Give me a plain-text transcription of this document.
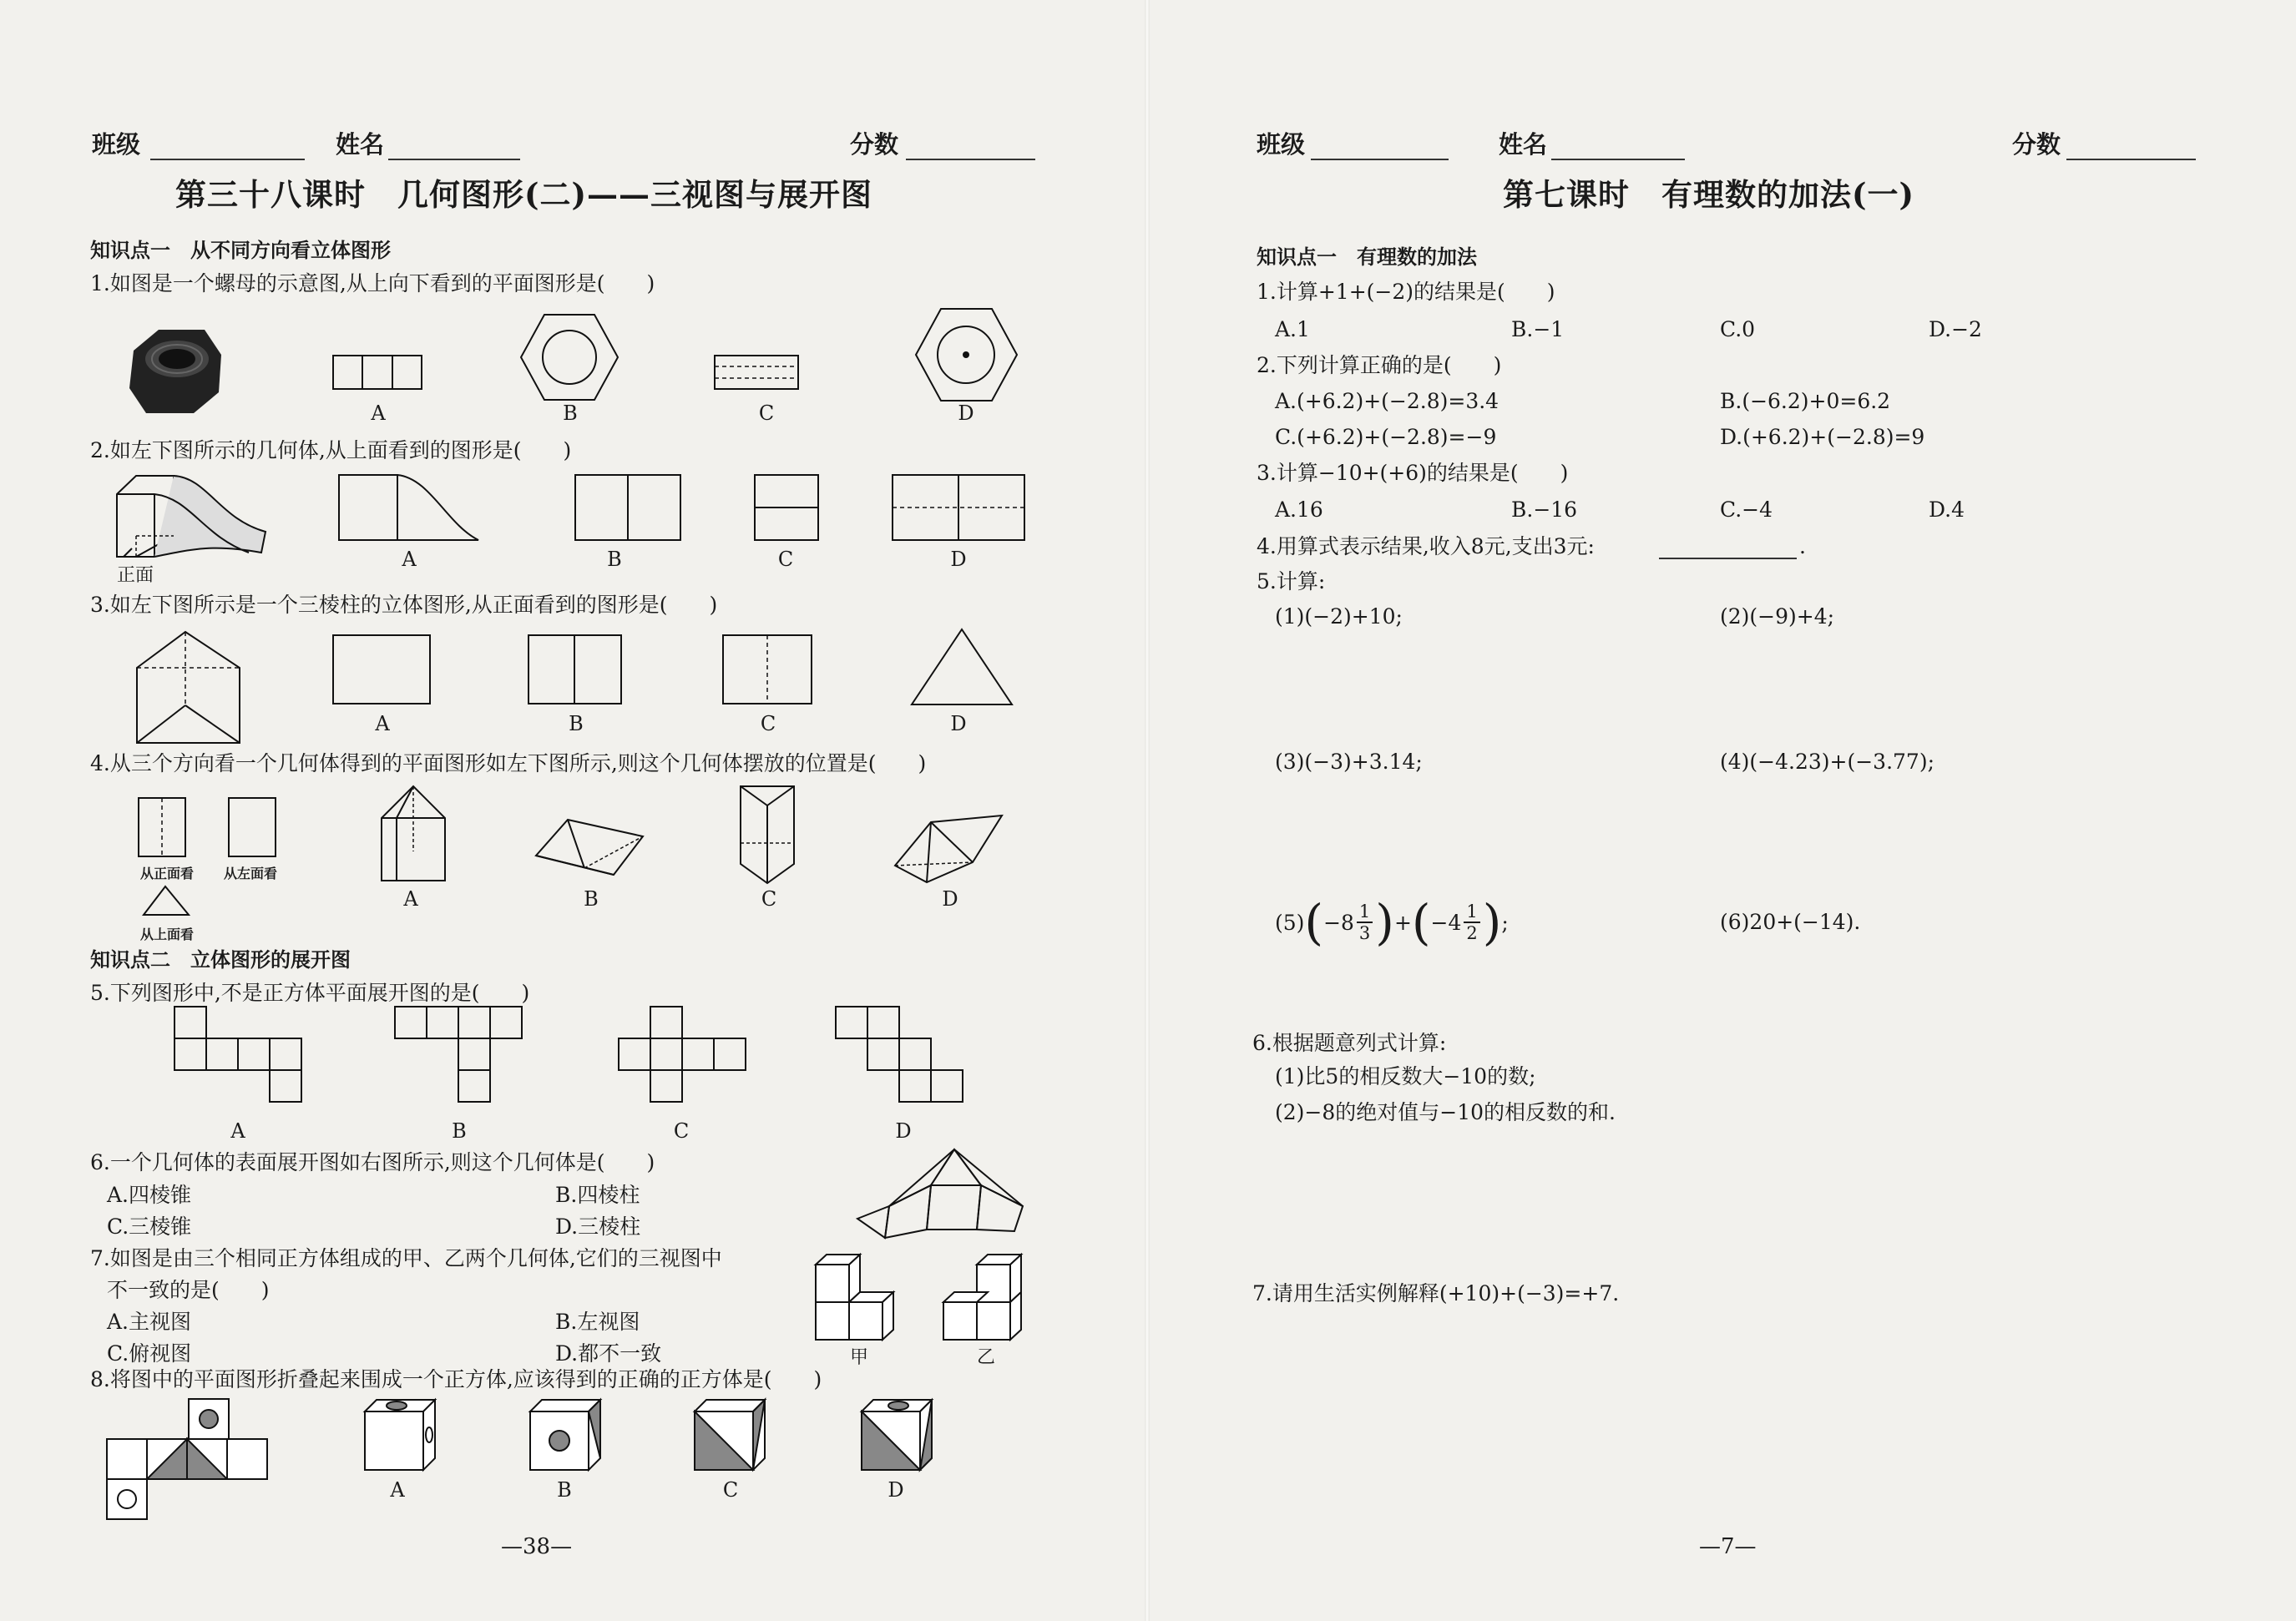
班级	姓名	分数
第三十八课时　几何图形(二)——三视图与展开图
知识点一　从不同方向看立体图形
1.如图是一个螺母的示意图,从上向下看到的平面图形是(　　)
A	B	C	D
2.如左下图所示的几何体,从上面看到的图形是(　　)
正面
A	B	C	D
3.如左下图所示是一个三棱柱的立体图形,从正面看到的图形是(　　)
A	B	C	D
4.从三个方向看一个几何体得到的平面图形如左下图所示,则这个几何体摆放的位置是(　　)
从正面看 从左面看
从上面看
A	B	C	D
知识点二　立体图形的展开图
5.下列图形中,不是正方体平面展开图的是(　　)
A	B	C	D
6.一个几何体的表面展开图如右图所示,则这个几何体是(　　)
A.四棱锥	B.四棱柱
C.三棱锥	D.三棱柱
7.如图是由三个相同正方体组成的甲、乙两个几何体,它们的三视图中
不一致的是(　　)
A.主视图	B.左视图
C.俯视图	D.都不一致	甲	乙
8.将图中的平面图形折叠起来围成一个正方体,应该得到的正确的正方体是(　　)
A	B	C	D
—38—
班级	姓名	分数
第七课时　有理数的加法(一)
知识点一　有理数的加法
1.计算+1+(−2)的结果是(　　)
A.1	B.−1	C.0	D.−2
2.下列计算正确的是(　　)
A.(+6.2)+(−2.8)=3.4	B.(−6.2)+0=6.2
C.(+6.2)+(−2.8)=−9	D.(+6.2)+(−2.8)=9
3.计算−10+(+6)的结果是(　　)
A.16	B.−16	C.−4	D.4
4.用算式表示结果,收入8元,支出3元:	.
5.计算:
(1)(−2)+10;	(2)(−9)+4;
(3)(−3)+3.14;	(4)(−4.23)+(−3.77);
(5) ( $-8 \frac{1}{3}$ ) + ( $-4 \frac{1}{2}$ ) ;	(6)20+(−14).
6.根据题意列式计算:
(1)比5的相反数大−10的数;
(2)−8的绝对值与−10的相反数的和.
7.请用生活实例解释(+10)+(−3)=+7.
—7—
